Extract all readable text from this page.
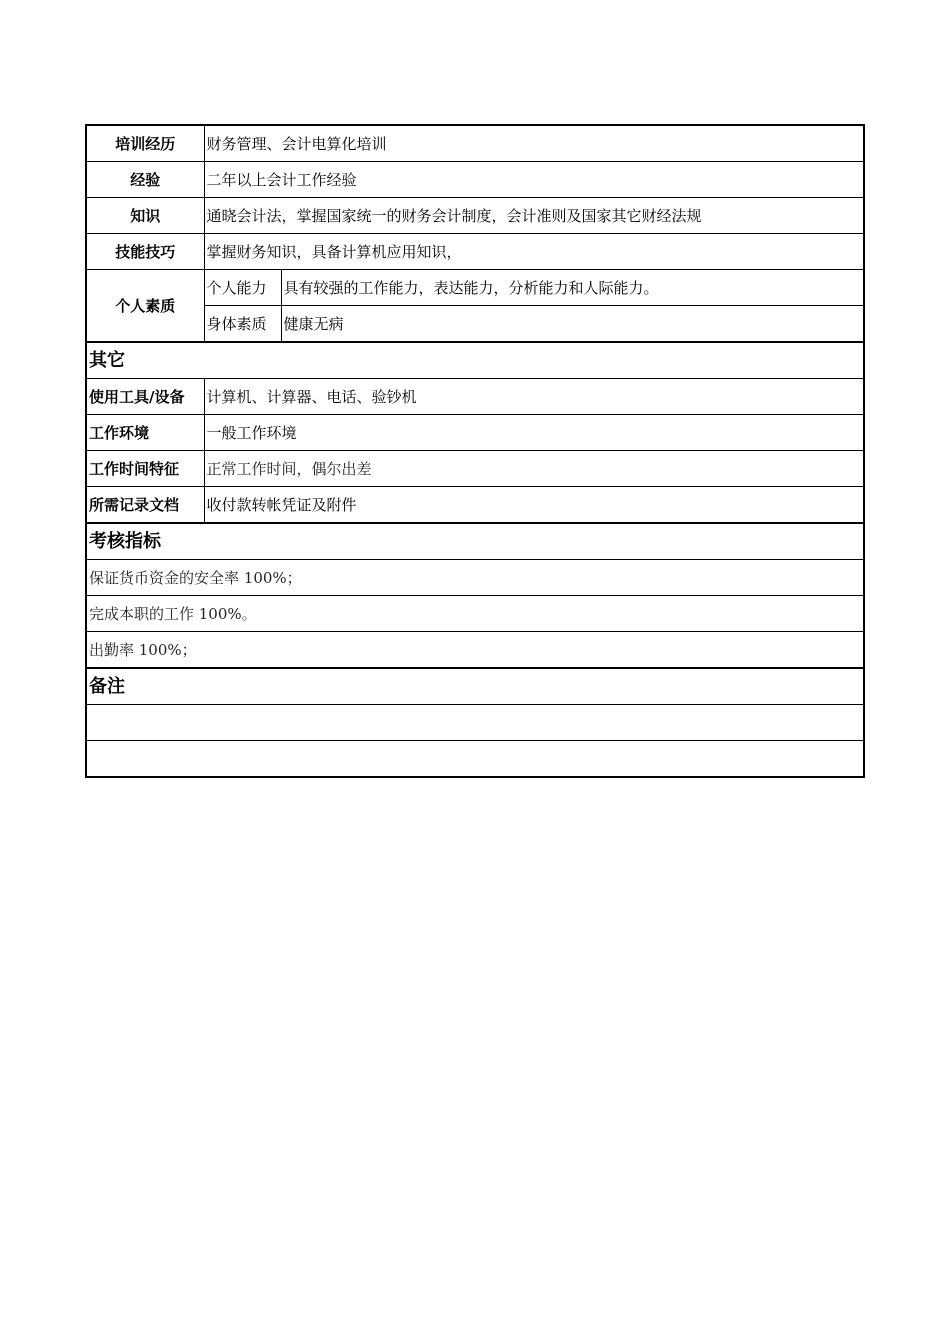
培训经历	财务管理、会计电算化培训	
经验	二年以上会计工作经验	
知识	通晓会计法，掌握国家统一的财务会计制度，会计准则及国家其它财经法规	
技能技巧	掌握财务知识，具备计算机应用知识，	
个人素质	个人能力	具有较强的工作能力，表达能力，分析能力和人际能力。
	身体素质	健康无病
其它		
使用工具/设备	计算机、计算器、电话、验钞机	
工作环境	一般工作环境	
工作时间特征	正常工作时间，偶尔出差	
所需记录文档	收付款转帐凭证及附件	
考核指标		
保证货币资金的安全率 100%；		
完成本职的工作 100%。		
出勤率 100%；		
备注		
